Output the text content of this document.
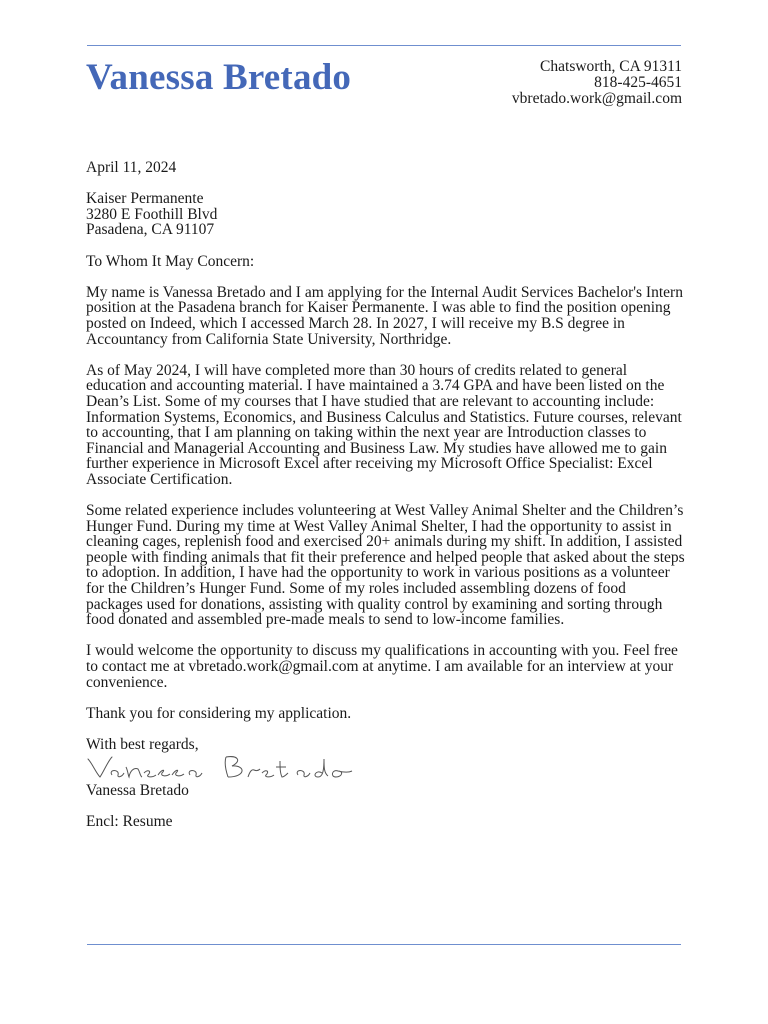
Vanessa Bretado	Chatsworth, CA 91311
818-425-4651
vbretado.work@gmail.com
April 11, 2024
Kaiser Permanente
3280 E Foothill Blvd
Pasadena, CA 91107
To Whom It May Concern:

My name is Vanessa Bretado and I am applying for the Internal Audit Services Bachelor's Intern position at the Pasadena branch for Kaiser Permanente. I was able to find the position opening posted on Indeed, which I accessed March 28. In 2027, I will receive my B.S degree in Accountancy from California State University, Northridge.

As of May 2024, I will have completed more than 30 hours of credits related to general education and accounting material. I have maintained a 3.74 GPA and have been listed on the Dean’s List. Some of my courses that I have studied that are relevant to accounting include: Information Systems, Economics, and Business Calculus and Statistics. Future courses, relevant to accounting, that I am planning on taking within the next year are Introduction classes to Financial and Managerial Accounting and Business Law. My studies have allowed me to gain further experience in Microsoft Excel after receiving my Microsoft Office Specialist: Excel Associate Certification.

Some related experience includes volunteering at West Valley Animal Shelter and the Children’s Hunger Fund. During my time at West Valley Animal Shelter, I had the opportunity to assist in cleaning cages, replenish food and exercised 20+ animals during my shift. In addition, I assisted people with finding animals that fit their preference and helped people that asked about the steps to adoption. In addition, I have had the opportunity to work in various positions as a volunteer for the Children’s Hunger Fund. Some of my roles included assembling dozens of food packages used for donations, assisting with quality control by examining and sorting through food donated and assembled pre-made meals to send to low-income families.

I would welcome the opportunity to discuss my qualifications in accounting with you. Feel free to contact me at vbretado.work@gmail.com at anytime. I am available for an interview at your convenience.

Thank you for considering my application.

With best regards,
Vanessa Bretado
Encl: Resume
